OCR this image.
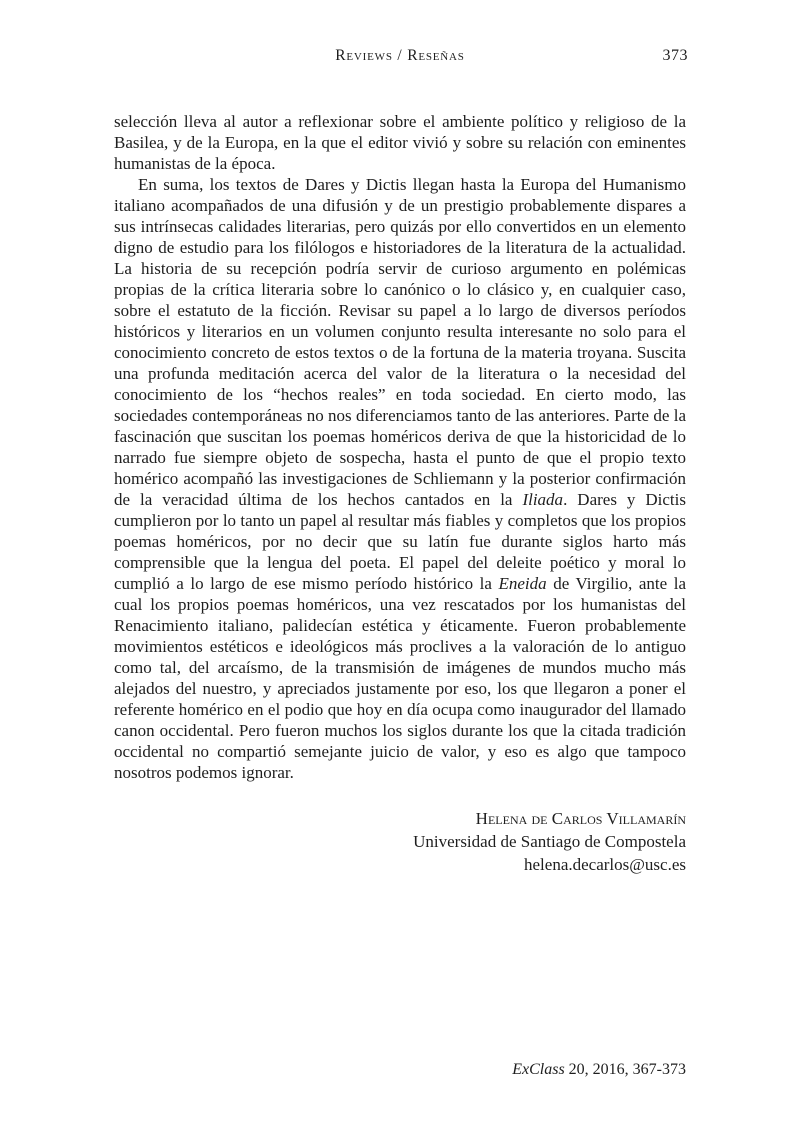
Reviews / Reseñas	373

selección lleva al autor a reflexionar sobre el ambiente político y religioso de la Basilea, y de la Europa, en la que el editor vivió y sobre su relación con eminentes humanistas de la época.

En suma, los textos de Dares y Dictis llegan hasta la Europa del Humanismo italiano acompañados de una difusión y de un prestigio probablemente dispares a sus intrínsecas calidades literarias, pero quizás por ello convertidos en un elemento digno de estudio para los filólogos e historiadores de la literatura de la actualidad. La historia de su recepción podría servir de curioso argumento en polémicas propias de la crítica literaria sobre lo canónico o lo clásico y, en cualquier caso, sobre el estatuto de la ficción. Revisar su papel a lo largo de diversos períodos históricos y literarios en un volumen conjunto resulta interesante no solo para el conocimiento concreto de estos textos o de la fortuna de la materia troyana. Suscita una profunda meditación acerca del valor de la literatura o la necesidad del conocimiento de los “hechos reales” en toda sociedad. En cierto modo, las sociedades contemporáneas no nos diferenciamos tanto de las anteriores. Parte de la fascinación que suscitan los poemas homéricos deriva de que la historicidad de lo narrado fue siempre objeto de sospecha, hasta el punto de que el propio texto homérico acompañó las investigaciones de Schliemann y la posterior confirmación de la veracidad última de los hechos cantados en la Iliada. Dares y Dictis cumplieron por lo tanto un papel al resultar más fiables y completos que los propios poemas homéricos, por no decir que su latín fue durante siglos harto más comprensible que la lengua del poeta. El papel del deleite poético y moral lo cumplió a lo largo de ese mismo período histórico la Eneida de Virgilio, ante la cual los propios poemas homéricos, una vez rescatados por los humanistas del Renacimiento italiano, palidecían estética y éticamente. Fueron probablemente movimientos estéticos e ideológicos más proclives a la valoración de lo antiguo como tal, del arcaísmo, de la transmisión de imágenes de mundos mucho más alejados del nuestro, y apreciados justamente por eso, los que llegaron a poner el referente homérico en el podio que hoy en día ocupa como inaugurador del llamado canon occidental. Pero fueron muchos los siglos durante los que la citada tradición occidental no compartió semejante juicio de valor, y eso es algo que tampoco nosotros podemos ignorar.

Helena de Carlos Villamarín
Universidad de Santiago de Compostela
helena.decarlos@usc.es
ExClass 20, 2016, 367-373
